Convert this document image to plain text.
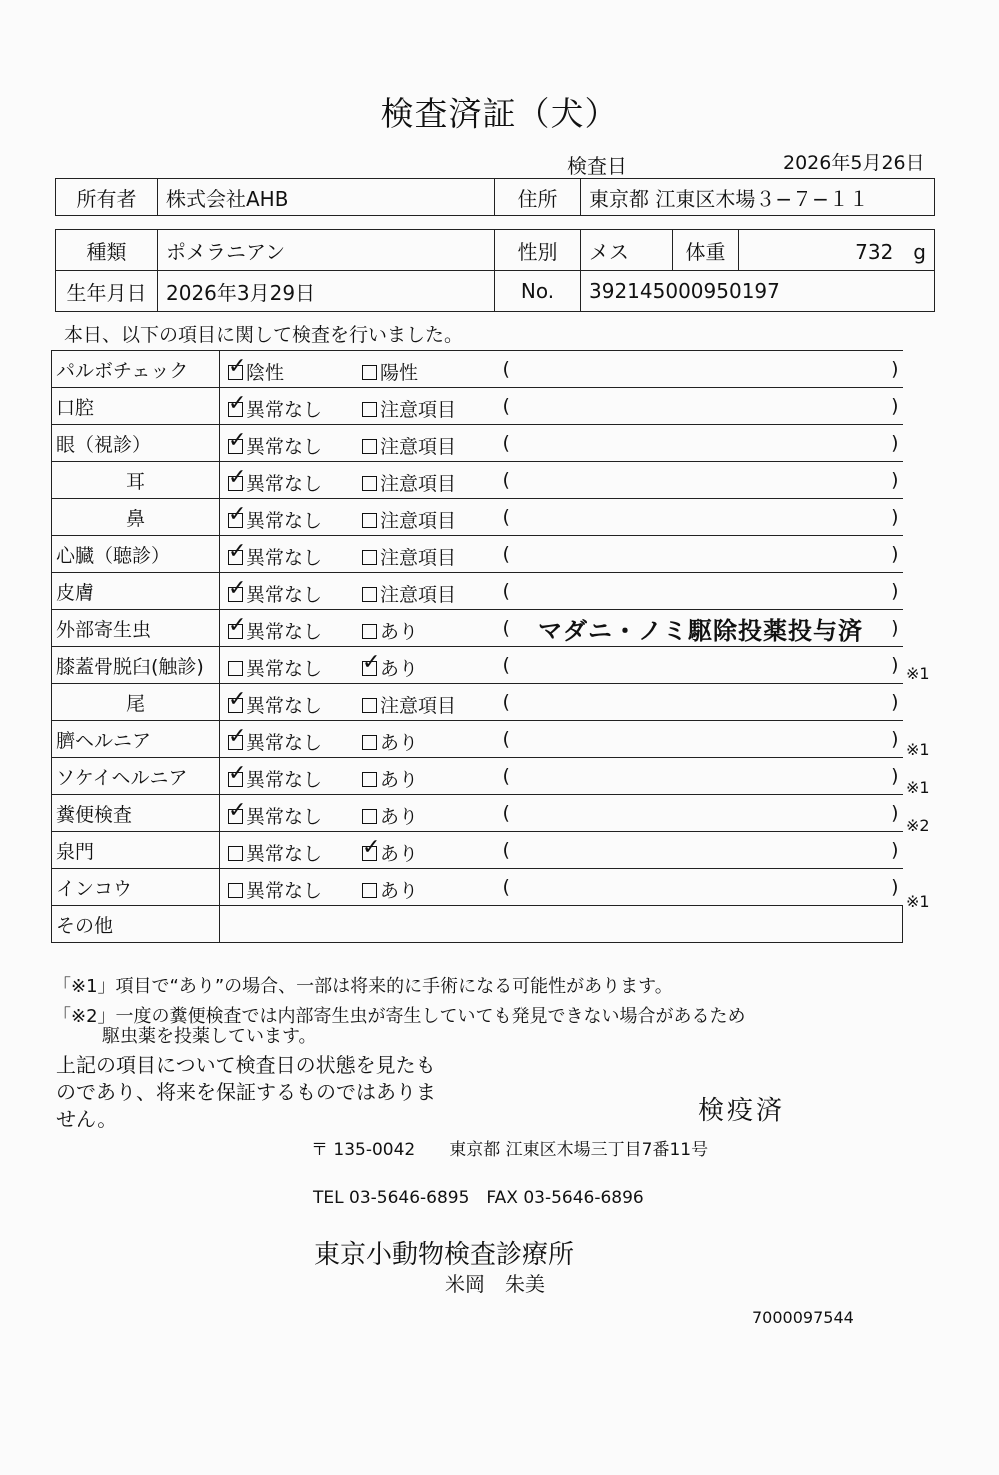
検査済証（犬）
検査日	2026年5月26日
所有者	株式会社AHB	住所	東京都 江東区木場３−７−１１
種類	ポメラニアン	性別	メス	体重	732　g
生年月日	2026年3月29日	No.	392145000950197		
本日、以下の項目に関して検査を行いました。
パルボチェック	✓ 陰性 陽性	( )

口腔	✓ 異常なし 注意項目	( )

眼（視診）	✓ 異常なし 注意項目	( )

耳	✓ 異常なし 注意項目	( )

鼻	✓ 異常なし 注意項目	( )

心臓（聴診）	✓ 異常なし 注意項目	( )

皮膚	✓ 異常なし 注意項目	( )

外部寄生虫	✓ 異常なし あり	( マダニ・ノミ駆除投薬投与済 )

膝蓋骨脱臼(触診)	異常なし ✓ あり	( )

尾	✓ 異常なし 注意項目	( )

臍ヘルニア	✓ 異常なし あり	( )

ソケイヘルニア	✓ 異常なし あり	( )

糞便検査	✓ 異常なし あり	( )

泉門	異常なし ✓ あり	( )

インコウ	異常なし あり	( )

その他		
※1
※1
※1
※2
※1
「※1」項目で“あり”の場合、一部は将来的に手術になる可能性があります。
「※2」一度の糞便検査では内部寄生虫が寄生していても発見できない場合があるため
駆虫薬を投薬しています。
上記の項目について検査日の状態を見たものであり、将来を保証するものではありません。	検疫済
〒 135-0042　　東京都 江東区木場三丁目7番11号
TEL 03-5646-6895　FAX 03-5646-6896
東京小動物検査診療所
米岡　朱美
7000097544
